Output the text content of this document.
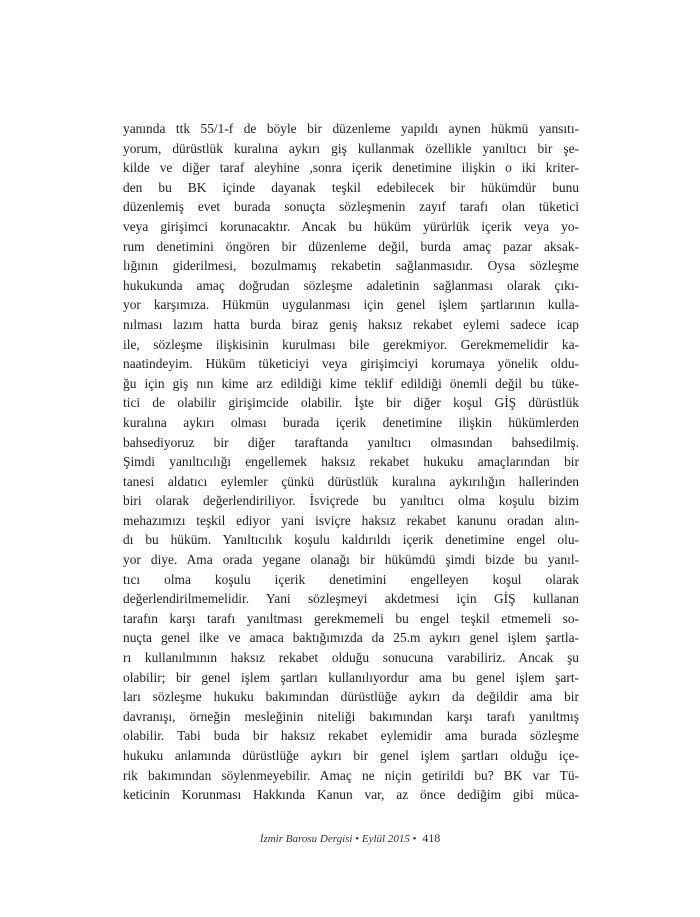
yanında ttk 55/1-f de böyle bir düzenleme yapıldı aynen hükmü yansıtı-
yorum, dürüstlük kuralına aykırı giş kullanmak özellikle yanıltıcı bir şe-
kilde ve diğer taraf aleyhine ,sonra içerik denetimine ilişkin o iki kriter-
den bu BK içinde dayanak teşkil edebilecek bir hükümdür bunu
düzenlemiş evet burada sonuçta sözleşmenin zayıf tarafı olan tüketici
veya girişimci korunacaktır. Ancak bu hüküm yürürlük içerik veya yo-
rum denetimini öngören bir düzenleme değil, burda amaç pazar aksak-
lığının giderilmesi, bozulmamış rekabetin sağlanmasıdır. Oysa sözleşme
hukukunda amaç doğrudan sözleşme adaletinin sağlanması olarak çıkı-
yor karşımıza. Hükmün uygulanması için genel işlem şartlarının kulla-
nılması lazım hatta burda biraz geniş haksız rekabet eylemi sadece icap
ile, sözleşme ilişkisinin kurulması bile gerekmiyor. Gerekmemelidir ka-
naatindeyim. Hüküm tüketiciyi veya girişimciyi korumaya yönelik oldu-
ğu için giş nın kime arz edildiği kime teklif edildiği önemli değil bu tüke-
tici de olabilir girişimcide olabilir. İşte bir diğer koşul GİŞ dürüstlük
kuralına aykırı olması burada içerik denetimine ilişkin hükümlerden
bahsediyoruz bir diğer taraftanda yanıltıcı olmasından bahsedilmiş.
Şimdi yanıltıcılığı engellemek haksız rekabet hukuku amaçlarından bir
tanesi aldatıcı eylemler çünkü dürüstlük kuralına aykırılığın hallerinden
biri olarak değerlendiriliyor. İsviçrede bu yanıltıcı olma koşulu bizim
mehazımızı teşkil ediyor yani isviçre haksız rekabet kanunu oradan alın-
dı bu hüküm. Yanıltıcılık koşulu kaldırıldı içerik denetimine engel olu-
yor diye. Ama orada yegane olanağı bir hükümdü şimdi bizde bu yanıl-
tıcı olma koşulu içerik denetimini engelleyen koşul olarak
değerlendirilmemelidir. Yani sözleşmeyi akdetmesi için GİŞ kullanan
tarafın karşı tarafı yanıltması gerekmemeli bu engel teşkil etmemeli so-
nuçta genel ilke ve amaca baktığımızda da 25.m aykırı genel işlem şartla-
rı kullanılmının haksız rekabet olduğu sonucuna varabiliriz. Ancak şu
olabilir; bir genel işlem şartları kullanılıyordur ama bu genel işlem şart-
ları sözleşme hukuku bakımından dürüstlüğe aykırı da değildir ama bir
davranışı, örneğin mesleğinin niteliği bakımından karşı tarafı yanıltmış
olabilir. Tabi buda bir haksız rekabet eylemidir ama burada sözleşme
hukuku anlamında dürüstlüğe aykırı bir genel işlem şartları olduğu içe-
rik bakımından söylenmeyebilir. Amaç ne niçin getirildi bu? BK var Tü-
keticinin Korunması Hakkında Kanun var, az önce dediğim gibi müca-
İzmir Barosu Dergisi • Eylül 2015 • 418
